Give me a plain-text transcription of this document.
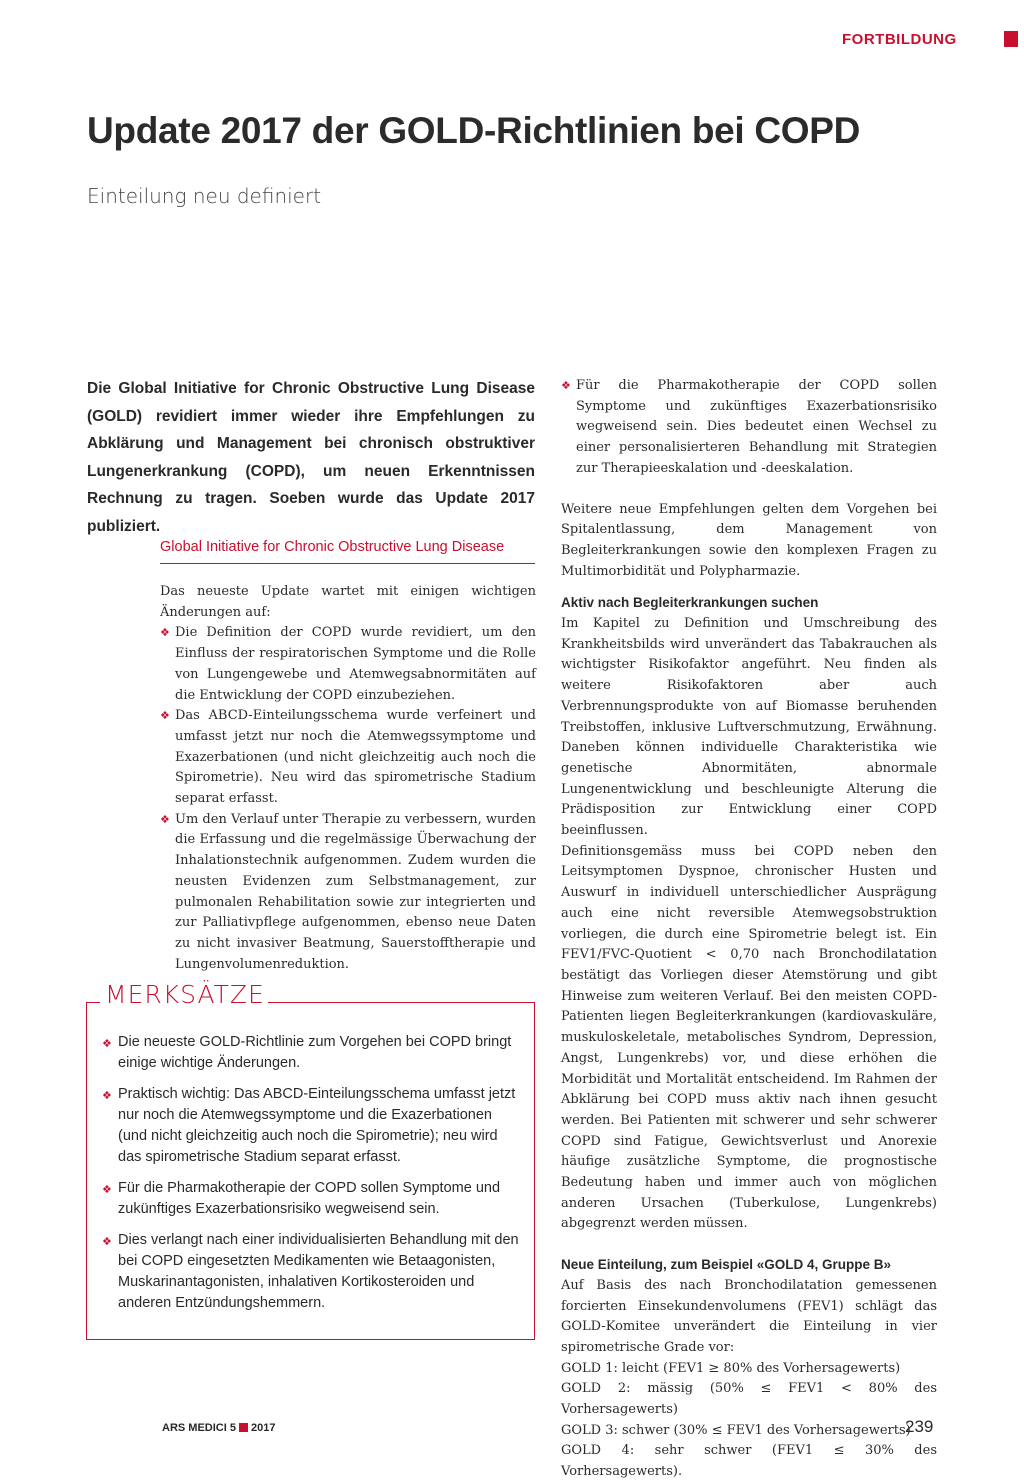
FORTBILDUNG
Update 2017 der GOLD-Richtlinien bei COPD
Einteilung neu definiert
Die Global Initiative for Chronic Obstructive Lung Disease (GOLD) revidiert immer wieder ihre Empfehlungen zu Abklärung und Management bei chronisch obstruktiver Lungenerkrankung (COPD), um neuen Erkenntnissen Rechnung zu tragen. Soeben wurde das Update 2017 publiziert.
Global Initiative for Chronic Obstructive Lung Disease

Das neueste Update wartet mit einigen wichtigen Änderungen auf:

❖ Die Definition der COPD wurde revidiert, um den Einfluss der respiratorischen Symptome und die Rolle von Lungengewebe und Atemwegsabnormitäten auf die Entwicklung der COPD einzubeziehen.
❖ Das ABCD-Einteilungsschema wurde verfeinert und umfasst jetzt nur noch die Atemwegssymptome und Exazerbationen (und nicht gleichzeitig auch noch die Spirometrie). Neu wird das spirometrische Stadium separat erfasst.
❖ Um den Verlauf unter Therapie zu verbessern, wurden die Erfassung und die regelmässige Überwachung der Inhalationstechnik aufgenommen. Zudem wurden die neusten Evidenzen zum Selbstmanagement, zur pulmonalen Rehabilitation sowie zur integrierten und zur Palliativpflege aufgenommen, ebenso neue Daten zu nicht invasiver Beatmung, Sauerstofftherapie und Lungenvolumenreduktion.
MERKSÄTZE
❖ Die neueste GOLD-Richtlinie zum Vorgehen bei COPD bringt einige wichtige Änderungen.
❖ Praktisch wichtig: Das ABCD-Einteilungsschema umfasst jetzt nur noch die Atemwegssymptome und die Exazerbationen (und nicht gleichzeitig auch noch die Spirometrie); neu wird das spirometrische Stadium separat erfasst.
❖ Für die Pharmakotherapie der COPD sollen Symptome und zukünftiges Exazerbationsrisiko wegweisend sein.
❖ Dies verlangt nach einer individualisierten Behandlung mit den bei COPD eingesetzten Medikamenten wie Betaagonisten, Muskarinantagonisten, inhalativen Kortikosteroiden und anderen Entzündungshemmern.
❖ Für die Pharmakotherapie der COPD sollen Symptome und zukünftiges Exazerbationsrisiko wegweisend sein. Dies bedeutet einen Wechsel zu einer personalisierteren Behandlung mit Strategien zur Therapieeskalation und -deeskalation.

Weitere neue Empfehlungen gelten dem Vorgehen bei Spitalentlassung, dem Management von Begleiterkrankungen sowie den komplexen Fragen zu Multimorbidität und Polypharmazie.

Aktiv nach Begleiterkrankungen suchen

Im Kapitel zu Definition und Umschreibung des Krankheitsbilds wird unverändert das Tabakrauchen als wichtigster Risikofaktor angeführt. Neu finden als weitere Risikofaktoren aber auch Verbrennungsprodukte von auf Biomasse beruhenden Treibstoffen, inklusive Luftverschmutzung, Erwähnung. Daneben können individuelle Charakteristika wie genetische Abnormitäten, abnormale Lungenentwicklung und beschleunigte Alterung die Prädisposition zur Entwicklung einer COPD beeinflussen.

Definitionsgemäss muss bei COPD neben den Leitsymptomen Dyspnoe, chronischer Husten und Auswurf in individuell unterschiedlicher Ausprägung auch eine nicht reversible Atemwegsobstruktion vorliegen, die durch eine Spirometrie belegt ist. Ein FEV1/FVC-Quotient < 0,70 nach Bronchodilatation bestätigt das Vorliegen dieser Atemstörung und gibt Hinweise zum weiteren Verlauf. Bei den meisten COPD-Patienten liegen Begleiterkrankungen (kardiovaskuläre, muskuloskeletale, metabolisches Syndrom, Depression, Angst, Lungenkrebs) vor, und diese erhöhen die Morbidität und Mortalität entscheidend. Im Rahmen der Abklärung bei COPD muss aktiv nach ihnen gesucht werden. Bei Patienten mit schwerer und sehr schwerer COPD sind Fatigue, Gewichtsverlust und Anorexie häufige zusätzliche Symptome, die prognostische Bedeutung haben und immer auch von möglichen anderen Ursachen (Tuberkulose, Lungenkrebs) abgegrenzt werden müssen.

Neue Einteilung, zum Beispiel «GOLD 4, Gruppe B»

Auf Basis des nach Bronchodilatation gemessenen forcierten Einsekundenvolumens (FEV1) schlägt das GOLD-Komitee unverändert die Einteilung in vier spirometrische Grade vor:

GOLD 1: leicht (FEV1 ≥ 80% des Vorhersagewerts)

GOLD 2: mässig (50% ≤ FEV1 < 80% des Vorhersagewerts)

GOLD 3: schwer (30% ≤ FEV1 des Vorhersagewerts)

GOLD 4: sehr schwer (FEV1 ≤ 30% des Vorhersagewerts).

ARS MEDICI 5 2017	239
